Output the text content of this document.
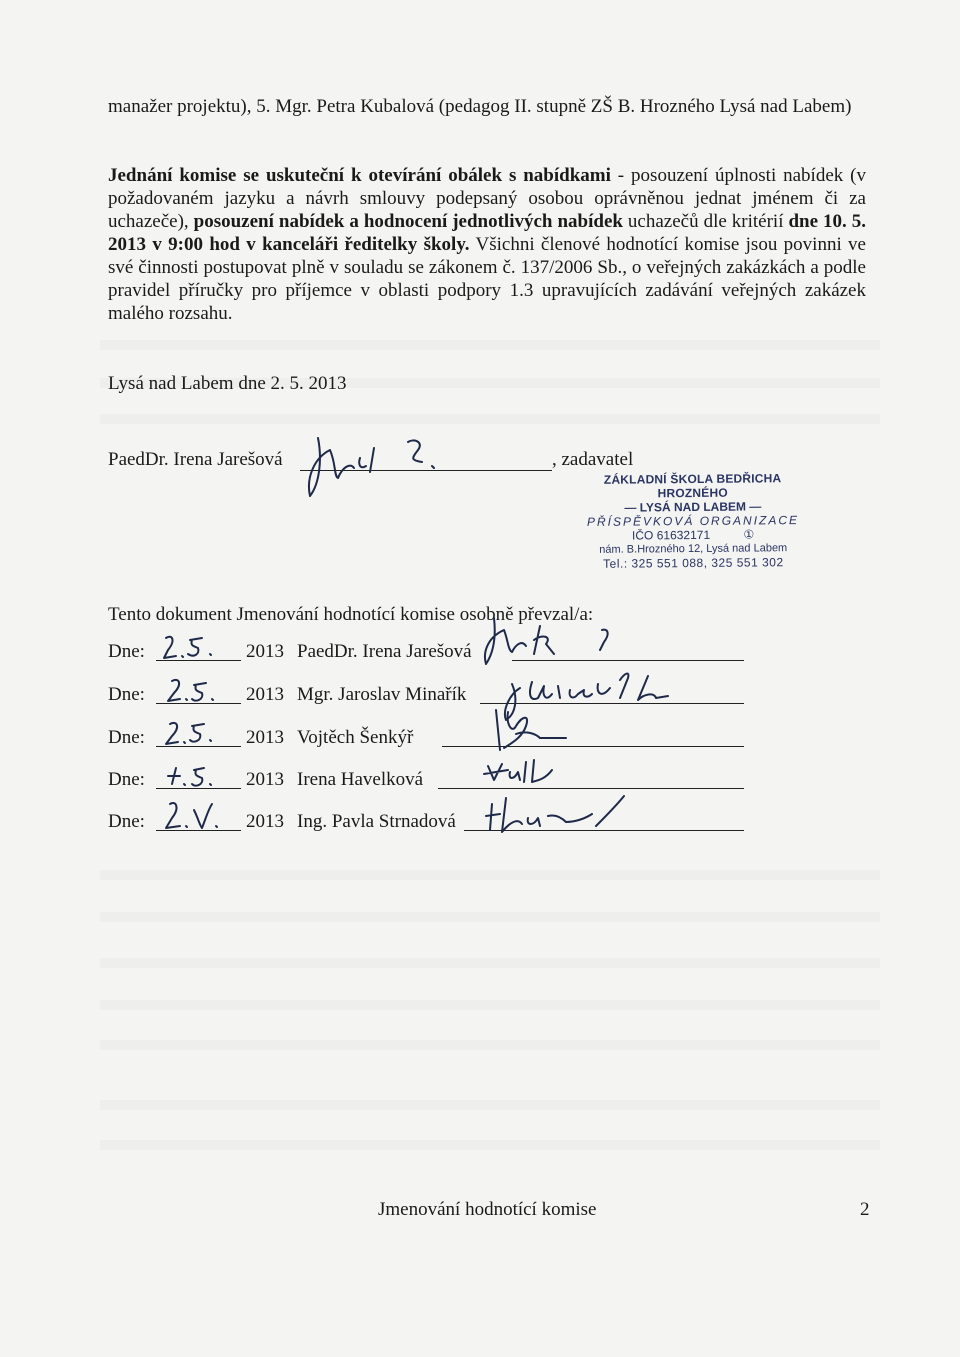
manažer projektu), 5. Mgr. Petra Kubalová (pedagog II. stupně ZŠ B. Hrozného Lysá nad Labem)
Jednání komise se uskuteční k otevírání obálek s nabídkami - posouzení úplnosti nabídek (v požadovaném jazyku a návrh smlouvy podepsaný osobou oprávněnou jednat jménem či za uchazeče), posouzení nabídek a hodnocení jednotlivých nabídek uchazečů dle kritérií dne 10. 5. 2013 v 9:00 hod v kanceláři ředitelky školy. Všichni členové hodnotící komise jsou povinni ve své činnosti postupovat plně v souladu se zákonem č. 137/2006 Sb., o veřejných zakázkách a podle pravidel příručky pro příjemce v oblasti podpory 1.3 upravujících zadávání veřejných zakázek malého rozsahu.
Lysá nad Labem dne 2. 5. 2013
PaedDr. Irena Jarešová	, zadavatel
ZÁKLADNÍ ŠKOLA BEDŘICHA HROZNÉHO
— LYSÁ NAD LABEM —
PŘÍSPĚVKOVÁ ORGANIZACE
IČO 61632171	①
nám. B.Hrozného 12, Lysá nad Labem
Tel.: 325 551 088, 325 551 302
Tento dokument Jmenování hodnotící komise osobně převzal/a:
Dne:	2013 PaedDr. Irena Jarešová
Dne:	2013 Mgr. Jaroslav Minařík
Dne:	2013 Vojtěch Šenkýř
Dne:	2013 Irena Havelková
Dne:	2013 Ing. Pavla Strnadová
Jmenování hodnotící komise	2
